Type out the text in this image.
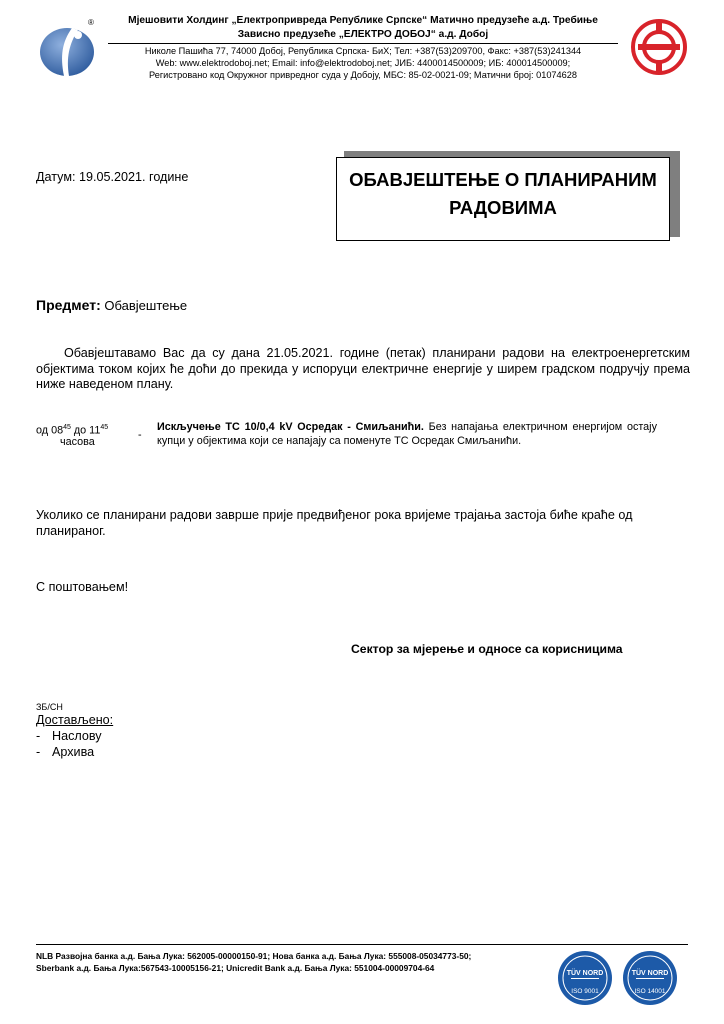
®	Мјешовити Холдинг „Електропривреда Републике Српске“ Матично предузеће а.д. Требиње
Зависно предузеће „ЕЛЕКТРО ДОБОЈ“ а.д. Добој
Николе Пашића 77, 74000 Добој, Република Српска- БиХ; Тел: +387(53)209700, Факс: +387(53)241344
Web: www.elektrodoboj.net; Email: info@elektrodoboj.net; ЈИБ: 4400014500009; ИБ: 400014500009;
Регистровано код Окружног привредног суда у Добоју, МБС: 85-02-0021-09; Матични број: 01074628
Датум: 19.05.2021. године	ОБАВЈЕШТЕЊЕ О ПЛАНИРАНИМ
РАДОВИМА
Предмет: Обавјештење
Обавјештавамо Вас да су дана 21.05.2021. године (петак) планирани радови на електроенергетским објектима током којих ће доћи до прекида у испоруци електричне енергије у ширем градском подручју према ниже наведеном плану.
од $08^{45}$ до $11^{45}$
часова
-
Искључење ТС 10/0,4 kV Осредак - Смиљанићи. Без напајања електричном енергијом остају купци у објектима који се напајају са поменуте ТС Осредак Смиљанићи.
Уколико се планирани радови заврше прије предвиђеног рока вријеме трајања застоја биће краће од планираног.
С поштовањем!
Сектор за мјерење и односе са корисницима
ЗБ/СН
Достављено:
- Наслову
- Архива
NLB Развојна банка а.д. Бања Лука: 562005-00000150-91; Нова банка а.д. Бања Лука: 555008-05034773-50;
Sberbank а.д. Бања Лука:567543-10005156-21; Unicredit Bank а.д. Бања Лука: 551004-00009704-64
TÜV NORD
ISO 9001
TÜV NORD
ISO 14001
